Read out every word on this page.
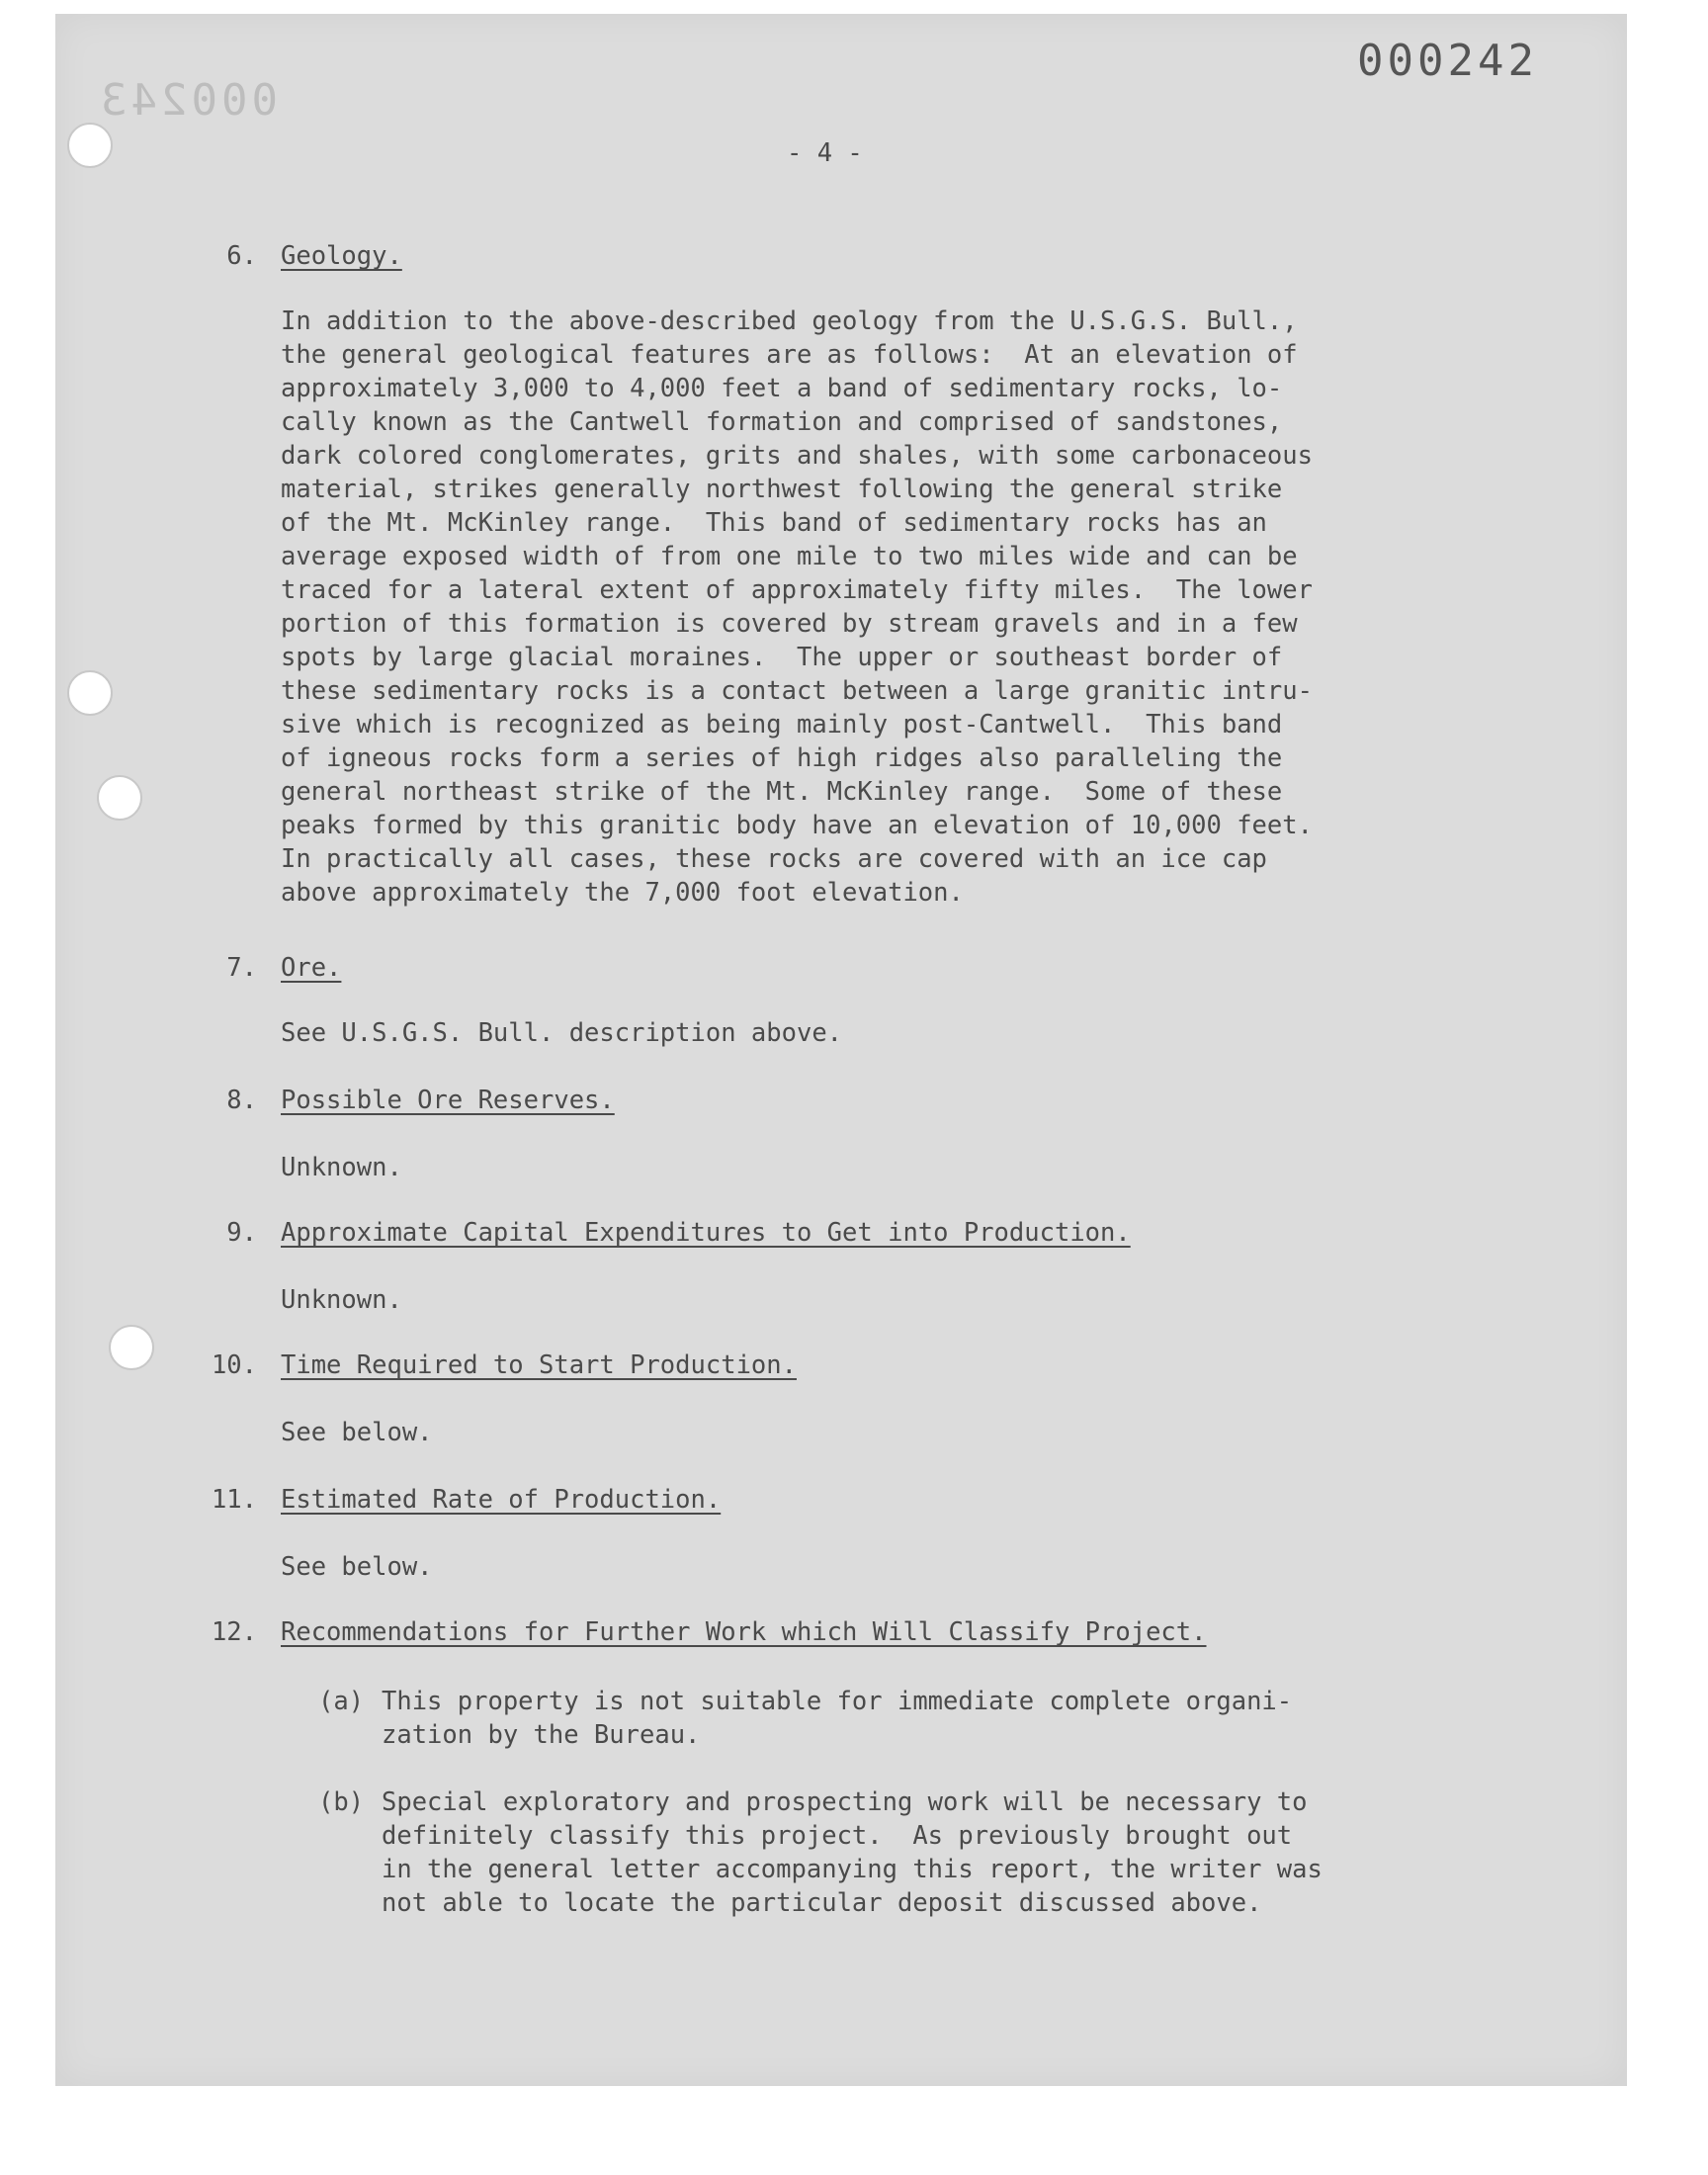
000242
000243
- 4 -
6. Geology.
In addition to the above-described geology from the U.S.G.S. Bull.,
the general geological features are as follows:  At an elevation of
approximately 3,000 to 4,000 feet a band of sedimentary rocks, lo-
cally known as the Cantwell formation and comprised of sandstones,
dark colored conglomerates, grits and shales, with some carbonaceous
material, strikes generally northwest following the general strike
of the Mt. McKinley range.  This band of sedimentary rocks has an
average exposed width of from one mile to two miles wide and can be
traced for a lateral extent of approximately fifty miles.  The lower
portion of this formation is covered by stream gravels and in a few
spots by large glacial moraines.  The upper or southeast border of
these sedimentary rocks is a contact between a large granitic intru-
sive which is recognized as being mainly post-Cantwell.  This band
of igneous rocks form a series of high ridges also paralleling the
general northeast strike of the Mt. McKinley range.  Some of these
peaks formed by this granitic body have an elevation of 10,000 feet.
In practically all cases, these rocks are covered with an ice cap
above approximately the 7,000 foot elevation.
7. Ore.
See U.S.G.S. Bull. description above.
8. Possible Ore Reserves.
Unknown.
9. Approximate Capital Expenditures to Get into Production.
Unknown.
10. Time Required to Start Production.
See below.
11. Estimated Rate of Production.
See below.
12. Recommendations for Further Work which Will Classify Project.
(a) This property is not suitable for immediate complete organi-
zation by the Bureau.
(b) Special exploratory and prospecting work will be necessary to
definitely classify this project.  As previously brought out
in the general letter accompanying this report, the writer was
not able to locate the particular deposit discussed above.
